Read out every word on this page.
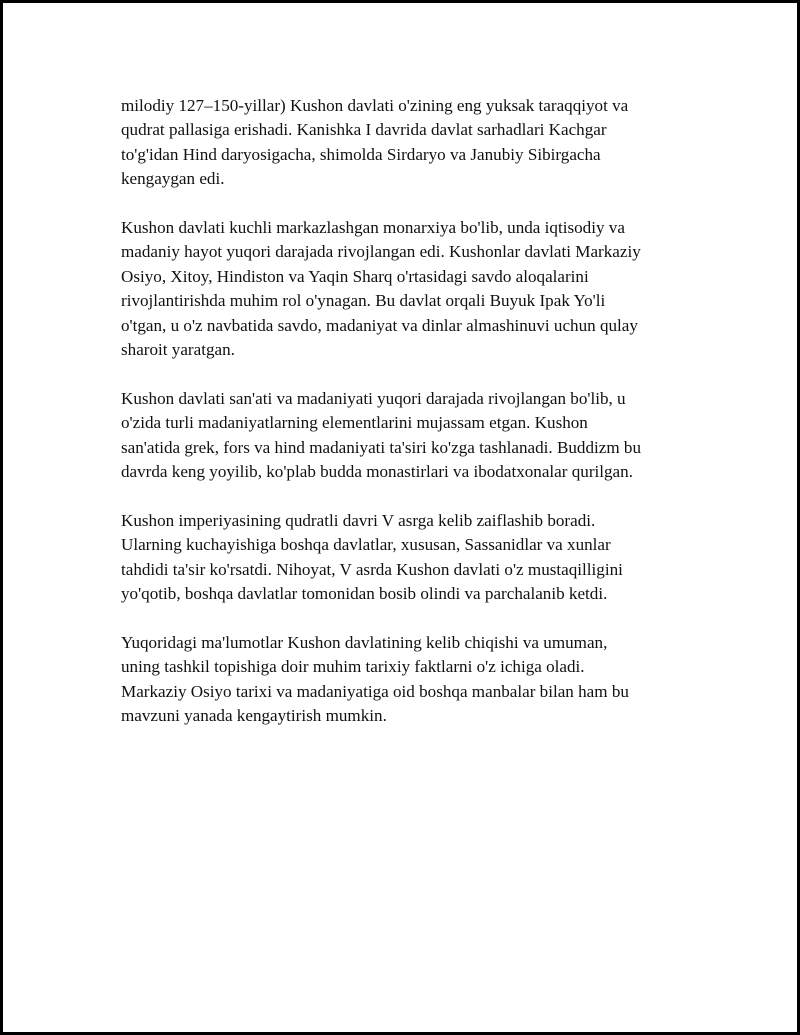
milodiy 127–150-yillar) Kushon davlati o'zining eng yuksak taraqqiyot va
qudrat pallasiga erishadi. Kanishka I davrida davlat sarhadlari Kachgar
to'g'idan Hind daryosigacha, shimolda Sirdaryo va Janubiy Sibirgacha
kengaygan edi.

Kushon davlati kuchli markazlashgan monarxiya bo'lib, unda iqtisodiy va
madaniy hayot yuqori darajada rivojlangan edi. Kushonlar davlati Markaziy
Osiyo, Xitoy, Hindiston va Yaqin Sharq o'rtasidagi savdo aloqalarini
rivojlantirishda muhim rol o'ynagan. Bu davlat orqali Buyuk Ipak Yo'li
o'tgan, u o'z navbatida savdo, madaniyat va dinlar almashinuvi uchun qulay
sharoit yaratgan.

Kushon davlati san'ati va madaniyati yuqori darajada rivojlangan bo'lib, u
o'zida turli madaniyatlarning elementlarini mujassam etgan. Kushon
san'atida grek, fors va hind madaniyati ta'siri ko'zga tashlanadi. Buddizm bu
davrda keng yoyilib, ko'plab budda monastirlari va ibodatxonalar qurilgan.

Kushon imperiyasining qudratli davri V asrga kelib zaiflashib boradi.
Ularning kuchayishiga boshqa davlatlar, xususan, Sassanidlar va xunlar
tahdidi ta'sir ko'rsatdi. Nihoyat, V asrda Kushon davlati o'z mustaqilligini
yo'qotib, boshqa davlatlar tomonidan bosib olindi va parchalanib ketdi.

Yuqoridagi ma'lumotlar Kushon davlatining kelib chiqishi va umuman,
uning tashkil topishiga doir muhim tarixiy faktlarni o'z ichiga oladi.
Markaziy Osiyo tarixi va madaniyatiga oid boshqa manbalar bilan ham bu
mavzuni yanada kengaytirish mumkin.
